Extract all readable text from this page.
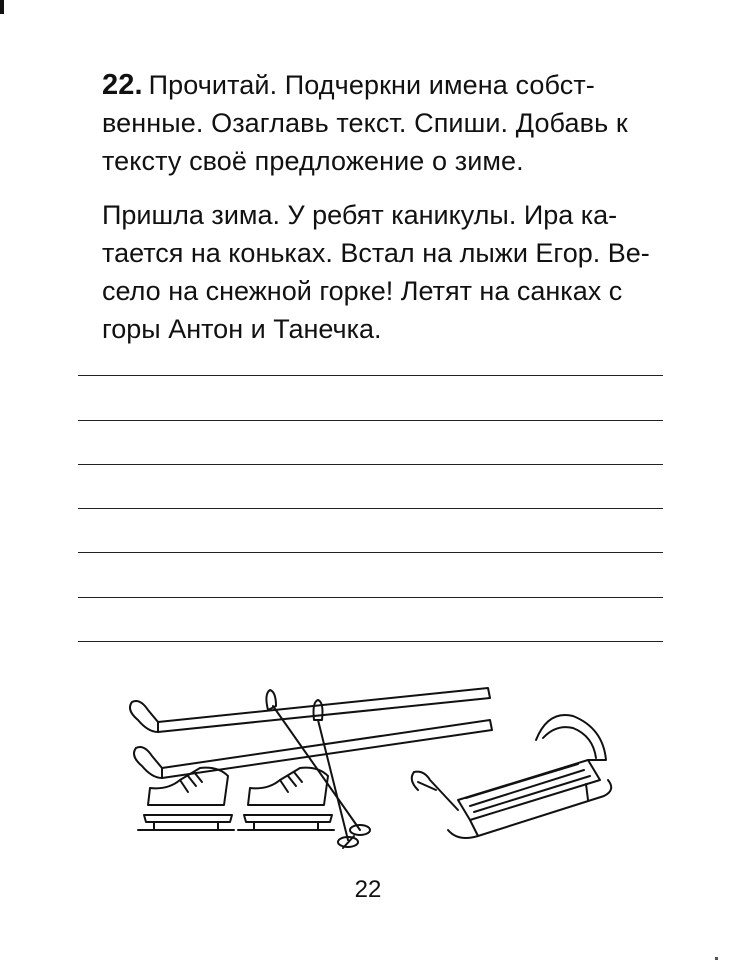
22. Прочитай. Подчеркни имена собст-
венные. Озаглавь текст. Спиши. Добавь к
тексту своё предложение о зиме.
Пришла зима. У ребят каникулы. Ира ка-
тается на коньках. Встал на лыжи Егор. Ве-
село на снежной горке! Летят на санках с
горы Антон и Танечка.
22
